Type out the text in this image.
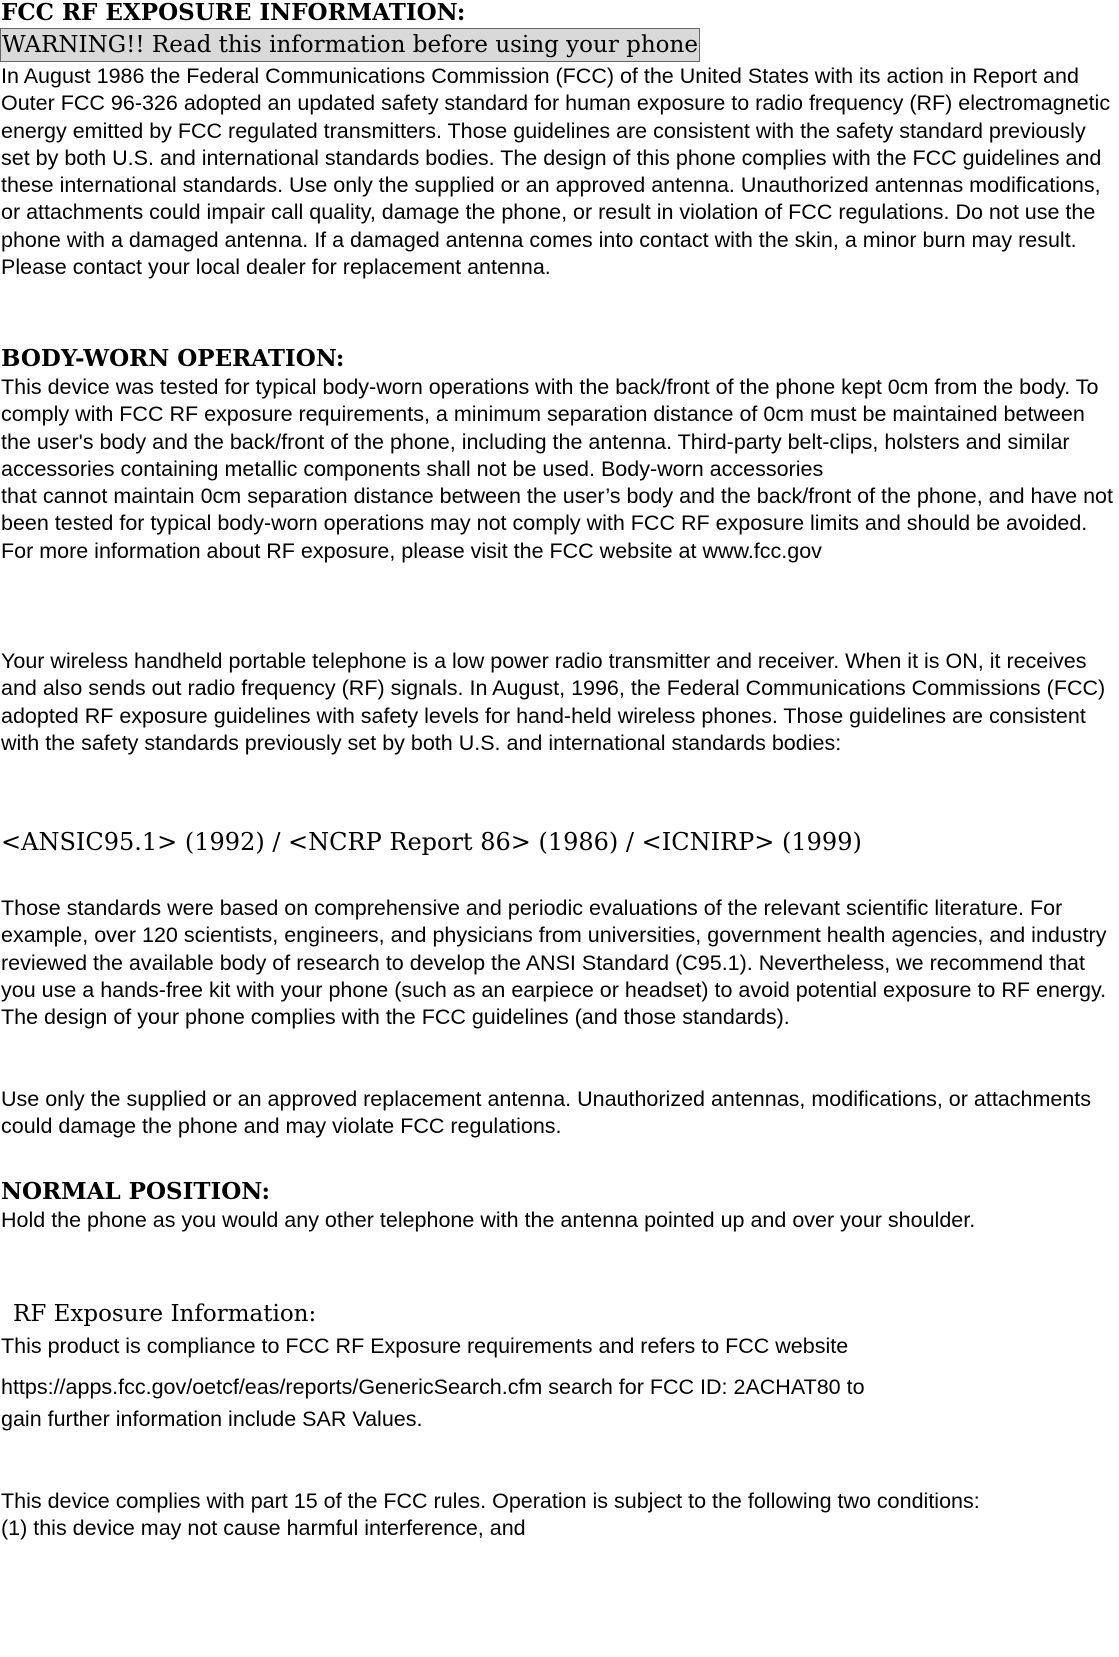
FCC RF EXPOSURE INFORMATION:
WARNING!! Read this information before using your phone

In August 1986 the Federal Communications Commission (FCC) of the United States with its action in Report and Outer FCC 96-326 adopted an updated safety standard for human exposure to radio frequency (RF) electromagnetic energy emitted by FCC regulated transmitters. Those guidelines are consistent with the safety standard previously set by both U.S. and international standards bodies. The design of this phone complies with the FCC guidelines and these international standards. Use only the supplied or an approved antenna. Unauthorized antennas modifications, or attachments could impair call quality, damage the phone, or result in violation of FCC regulations. Do not use the phone with a damaged antenna. If a damaged antenna comes into contact with the skin, a minor burn may result. Please contact your local dealer for replacement antenna.

BODY-WORN OPERATION:

This device was tested for typical body-worn operations with the back/front of the phone kept 0cm from the body. To comply with FCC RF exposure requirements, a minimum separation distance of 0cm must be maintained between the user's body and the back/front of the phone, including the antenna. Third-party belt-clips, holsters and similar accessories containing metallic components shall not be used. Body-worn accessories

that cannot maintain 0cm separation distance between the user’s body and the back/front of the phone, and have not been tested for typical body-worn operations may not comply with FCC RF exposure limits and should be avoided.

For more information about RF exposure, please visit the FCC website at www.fcc.gov

Your wireless handheld portable telephone is a low power radio transmitter and receiver. When it is ON, it receives and also sends out radio frequency (RF) signals. In August, 1996, the Federal Communications Commissions (FCC) adopted RF exposure guidelines with safety levels for hand-held wireless phones. Those guidelines are consistent with the safety standards previously set by both U.S. and international standards bodies:

<ANSIC95.1> (1992) / <NCRP Report 86> (1986) / <ICNIRP> (1999)

Those standards were based on comprehensive and periodic evaluations of the relevant scientific literature. For example, over 120 scientists, engineers, and physicians from universities, government health agencies, and industry reviewed the available body of research to develop the ANSI Standard (C95.1). Nevertheless, we recommend that you use a hands-free kit with your phone (such as an earpiece or headset) to avoid potential exposure to RF energy. The design of your phone complies with the FCC guidelines (and those standards).

Use only the supplied or an approved replacement antenna. Unauthorized antennas, modifications, or attachments could damage the phone and may violate FCC regulations.

NORMAL POSITION:

Hold the phone as you would any other telephone with the antenna pointed up and over your shoulder.

RF Exposure Information:
This product is compliance to FCC RF Exposure requirements and refers to FCC website
https://apps.fcc.gov/oetcf/eas/reports/GenericSearch.cfm search for FCC ID: 2ACHAT80 to
gain further information include SAR Values.

This device complies with part 15 of the FCC rules. Operation is subject to the following two conditions:

(1) this device may not cause harmful interference, and
